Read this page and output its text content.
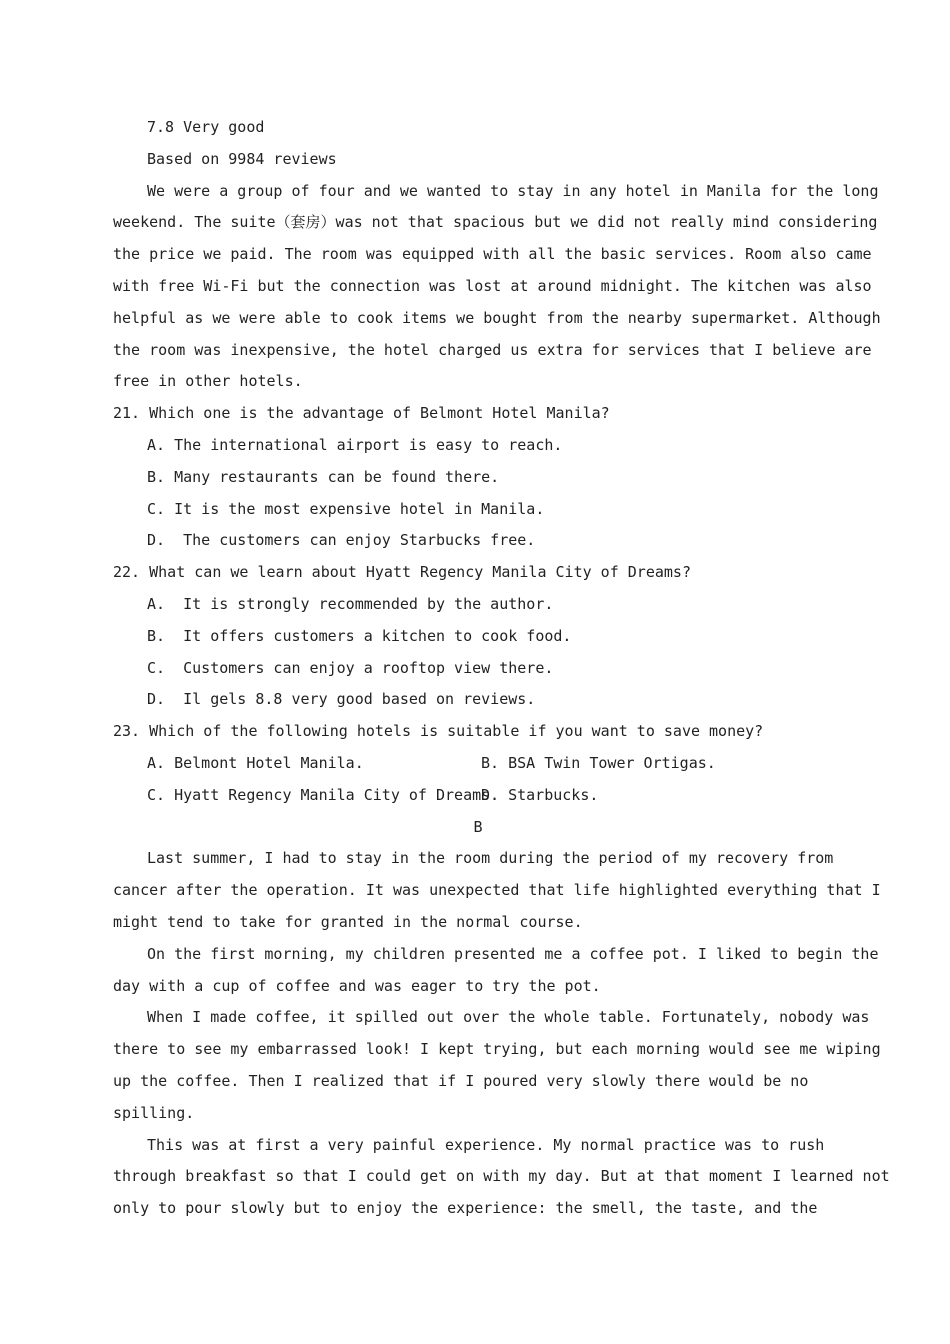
7.8 Very good
Based on 9984 reviews
We were a group of four and we wanted to stay in any hotel in Manila for the long
weekend. The suite（套房）was not that spacious but we did not really mind considering
the price we paid. The room was equipped with all the basic services. Room also came
with free Wi-Fi but the connection was lost at around midnight. The kitchen was also
helpful as we were able to cook items we bought from the nearby supermarket. Although
the room was inexpensive, the hotel charged us extra for services that I believe are
free in other hotels.
21. Which one is the advantage of Belmont Hotel Manila?
A. The international airport is easy to reach.
B. Many restaurants can be found there.
C. It is the most expensive hotel in Manila.
D.  The customers can enjoy Starbucks free.
22. What can we learn about Hyatt Regency Manila City of Dreams?
A.  It is strongly recommended by the author.
B.  It offers customers a kitchen to cook food.
C.  Customers can enjoy a rooftop view there.
D.  Il gels 8.8 very good based on reviews.
23. Which of the following hotels is suitable if you want to save money?
A. Belmont Hotel Manila.	B. BSA Twin Tower Ortigas.
C. Hyatt Regency Manila City of Dreams.
D. Starbucks.
B
Last summer, I had to stay in the room during the period of my recovery from
cancer after the operation. It was unexpected that life highlighted everything that I
might tend to take for granted in the normal course.
On the first morning, my children presented me a coffee pot. I liked to begin the
day with a cup of coffee and was eager to try the pot.
When I made coffee, it spilled out over the whole table. Fortunately, nobody was
there to see my embarrassed look! I kept trying, but each morning would see me wiping
up the coffee. Then I realized that if I poured very slowly there would be no
spilling.
This was at first a very painful experience. My normal practice was to rush
through breakfast so that I could get on with my day. But at that moment I learned not
only to pour slowly but to enjoy the experience: the smell, the taste, and the
